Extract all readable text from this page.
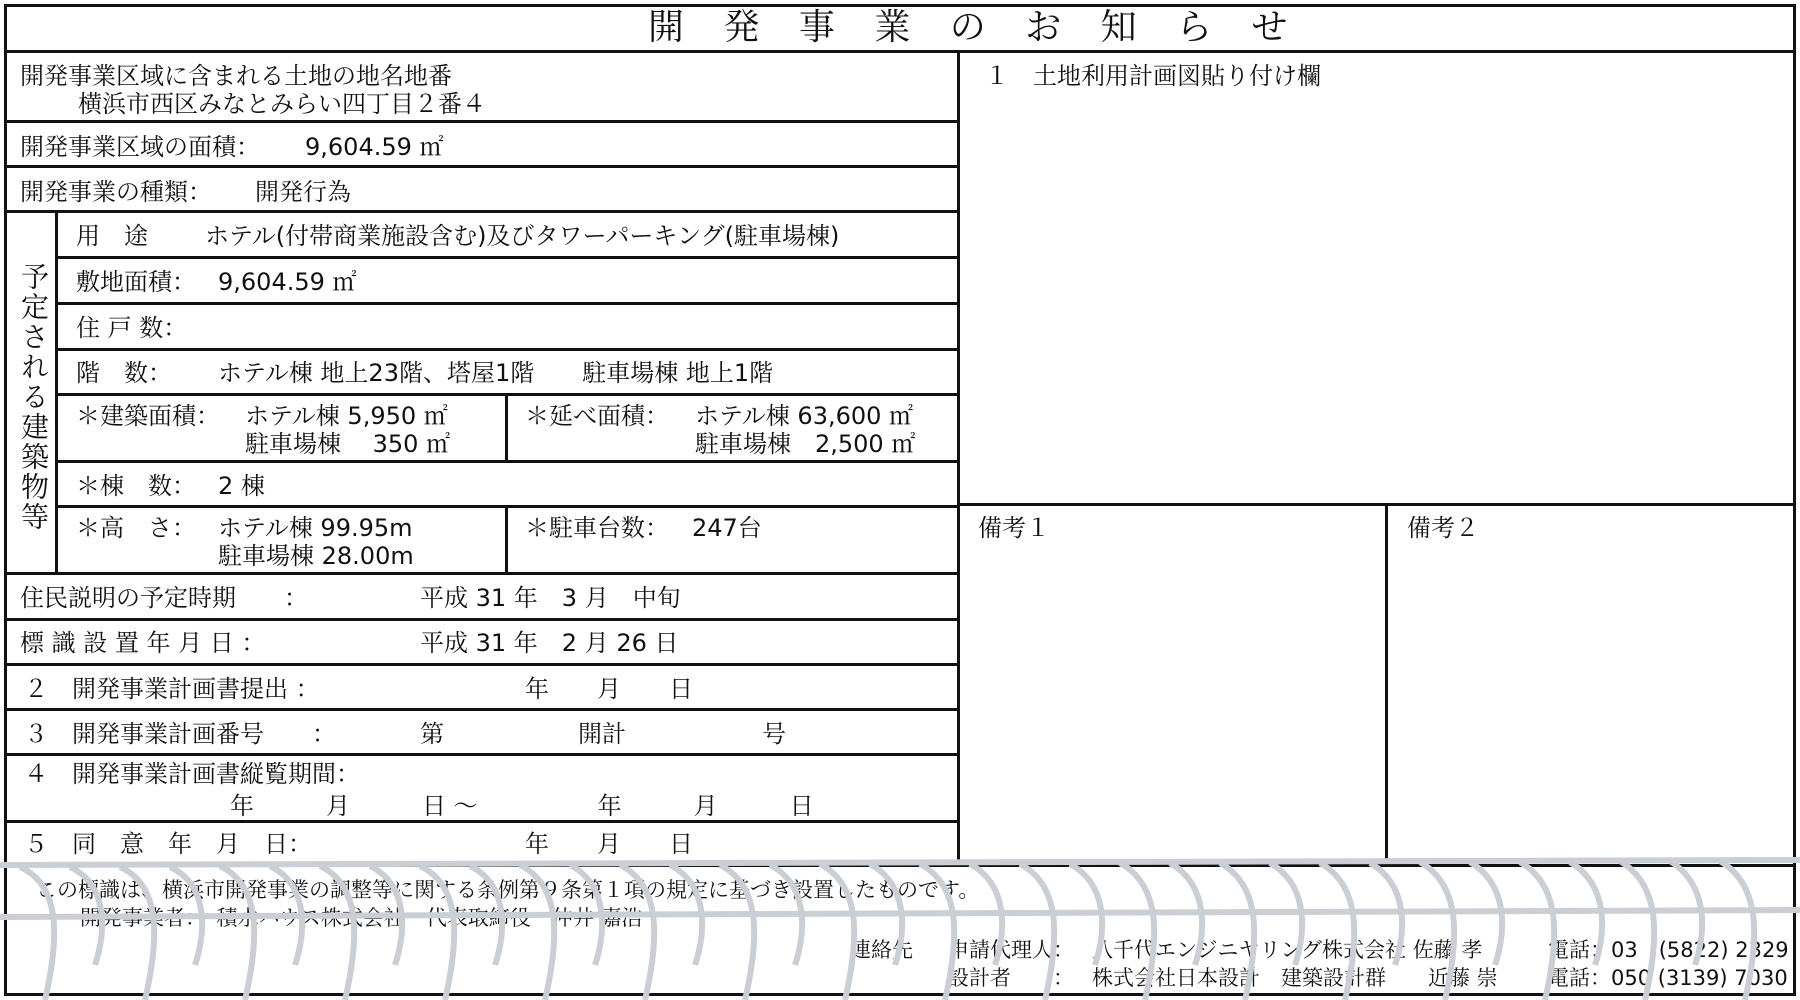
開 発 事 業 の お 知 ら せ
開発事業区域に含まれる土地の地名地番
横浜市西区みなとみらい四丁目２番４
開発事業区域の面積： 9,604.59 ㎡
開発事業の種類： 開発行為
予定される建築物等
用　途 ホテル(付帯商業施設含む)及びタワーパーキング(駐車場棟)
敷地面積： 9,604.59 ㎡
住 戸 数：
階　数： ホテル棟 地上23階、塔屋1階　　駐車場棟 地上1階
＊建築面積： ホテル棟 5,950 ㎡
駐車場棟　 350 ㎡
＊延べ面積： ホテル棟 63,600 ㎡
駐車場棟　2,500 ㎡
＊棟　数： 2 棟
＊高　さ： ホテル棟 99.95m
駐車場棟 28.00m
＊駐車台数： 247台
住民説明の予定時期　　：	平成 31 年　3 月　中旬
標 識 設 置 年 月 日 ：	平成 31 年　2 月 26 日
２　開発事業計画書提出 ：	年　　月　　日
３　開発事業計画番号　　：	第	開計	号
４　開発事業計画書縦覧期間：
年　　　月　　　日 ～　　　　　年　　　月　　　日
５　同　意　年　月　日：	年　　月　　日
１　土地利用計画図貼り付け欄
備考１	備考２
この標識は、横浜市開発事業の調整等に関する条例第９条第１項の規定に基づき設置したものです。
開発事業者：　積水ハウス株式会社　代表取締役　仲井 嘉浩
連絡先 申請代理人： 八千代エンジニヤリング株式会社 佐藤 孝	電話：03　(5822) 2329
設計者　　： 株式会社日本設計　建築設計群　　近藤 崇 電話：050 (3139) 7030
